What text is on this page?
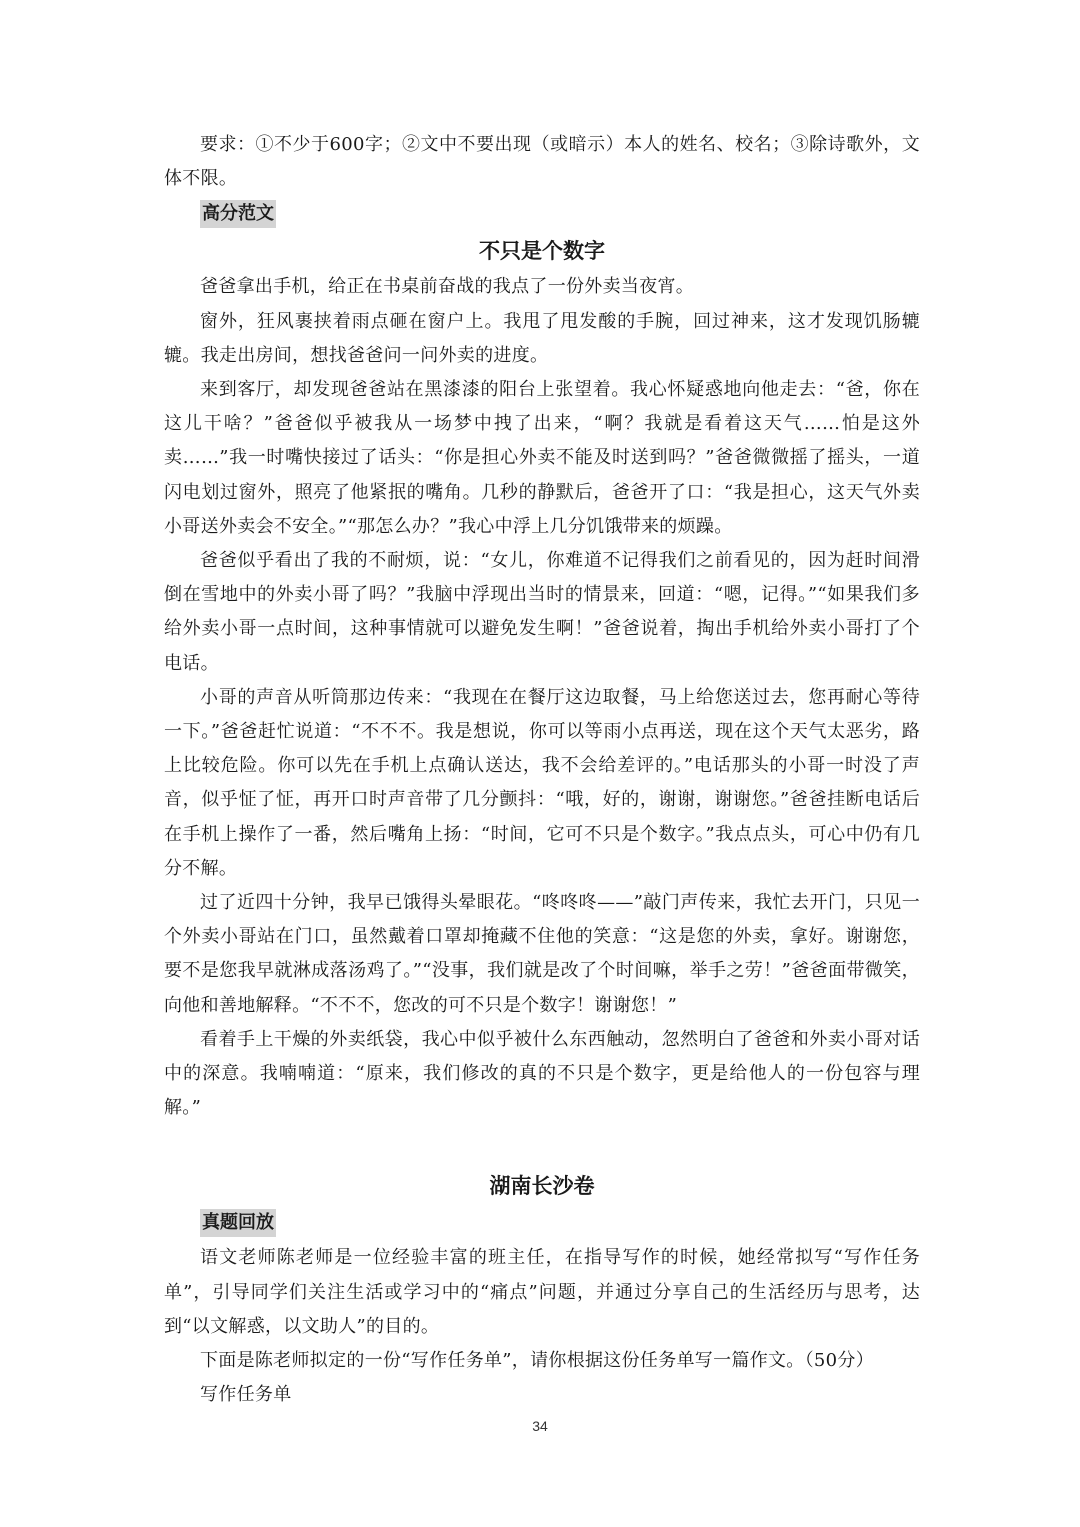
要求：①不少于600字；②文中不要出现（或暗示）本人的姓名、校名；③除诗歌外，文体不限。

高分范文
不只是个数字

爸爸拿出手机，给正在书桌前奋战的我点了一份外卖当夜宵。

窗外，狂风裹挟着雨点砸在窗户上。我甩了甩发酸的手腕，回过神来，这才发现饥肠辘辘。我走出房间，想找爸爸问一问外卖的进度。

来到客厅，却发现爸爸站在黑漆漆的阳台上张望着。我心怀疑惑地向他走去：“爸，你在这儿干啥？”爸爸似乎被我从一场梦中拽了出来，“啊？我就是看着这天气……怕是这外卖……”我一时嘴快接过了话头：“你是担心外卖不能及时送到吗？”爸爸微微摇了摇头，一道闪电划过窗外，照亮了他紧抿的嘴角。几秒的静默后，爸爸开了口：“我是担心，这天气外卖小哥送外卖会不安全。”“那怎么办？”我心中浮上几分饥饿带来的烦躁。

爸爸似乎看出了我的不耐烦，说：“女儿，你难道不记得我们之前看见的，因为赶时间滑倒在雪地中的外卖小哥了吗？”我脑中浮现出当时的情景来，回道：“嗯，记得。”“如果我们多给外卖小哥一点时间，这种事情就可以避免发生啊！”爸爸说着，掏出手机给外卖小哥打了个电话。

小哥的声音从听筒那边传来：“我现在在餐厅这边取餐，马上给您送过去，您再耐心等待一下。”爸爸赶忙说道：“不不不。我是想说，你可以等雨小点再送，现在这个天气太恶劣，路上比较危险。你可以先在手机上点确认送达，我不会给差评的。”电话那头的小哥一时没了声音，似乎怔了怔，再开口时声音带了几分颤抖：“哦，好的，谢谢，谢谢您。”爸爸挂断电话后在手机上操作了一番，然后嘴角上扬：“时间，它可不只是个数字。”我点点头，可心中仍有几分不解。

过了近四十分钟，我早已饿得头晕眼花。“咚咚咚——”敲门声传来，我忙去开门，只见一个外卖小哥站在门口，虽然戴着口罩却掩藏不住他的笑意：“这是您的外卖，拿好。谢谢您，要不是您我早就淋成落汤鸡了。”“没事，我们就是改了个时间嘛，举手之劳！”爸爸面带微笑，向他和善地解释。“不不不，您改的可不只是个数字！谢谢您！”

看着手上干燥的外卖纸袋，我心中似乎被什么东西触动，忽然明白了爸爸和外卖小哥对话中的深意。我喃喃道：“原来，我们修改的真的不只是个数字，更是给他人的一份包容与理解。”

湖南长沙卷
真题回放

语文老师陈老师是一位经验丰富的班主任，在指导写作的时候，她经常拟写“写作任务单”，引导同学们关注生活或学习中的“痛点”问题，并通过分享自己的生活经历与思考，达到“以文解惑，以文助人”的目的。

下面是陈老师拟定的一份“写作任务单”，请你根据这份任务单写一篇作文。（50分）

写作任务单

34
